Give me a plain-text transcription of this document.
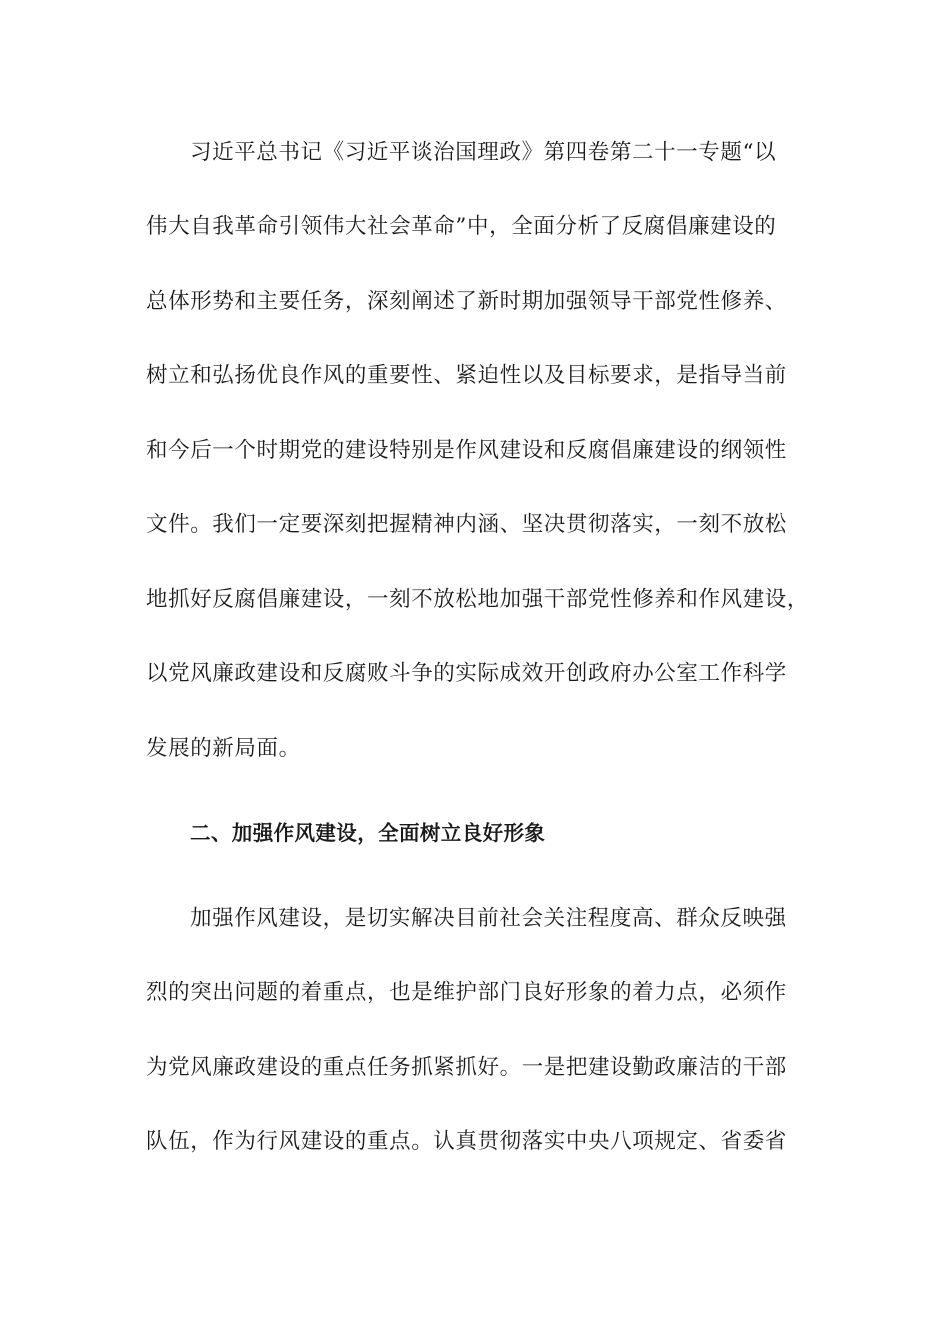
习近平总书记《习近平谈治国理政》第四卷第二十一专题“以
伟大自我革命引领伟大社会革命”中，全面分析了反腐倡廉建设的
总体形势和主要任务，深刻阐述了新时期加强领导干部党性修养、
树立和弘扬优良作风的重要性、紧迫性以及目标要求，是指导当前
和今后一个时期党的建设特别是作风建设和反腐倡廉建设的纲领性
文件。我们一定要深刻把握精神内涵、坚决贯彻落实，一刻不放松
地抓好反腐倡廉建设，一刻不放松地加强干部党性修养和作风建设，
以党风廉政建设和反腐败斗争的实际成效开创政府办公室工作科学
发展的新局面。
二、加强作风建设，全面树立良好形象
加强作风建设，是切实解决目前社会关注程度高、群众反映强
烈的突出问题的着重点，也是维护部门良好形象的着力点，必须作
为党风廉政建设的重点任务抓紧抓好。一是把建设勤政廉洁的干部
队伍，作为行风建设的重点。认真贯彻落实中央八项规定、省委省
